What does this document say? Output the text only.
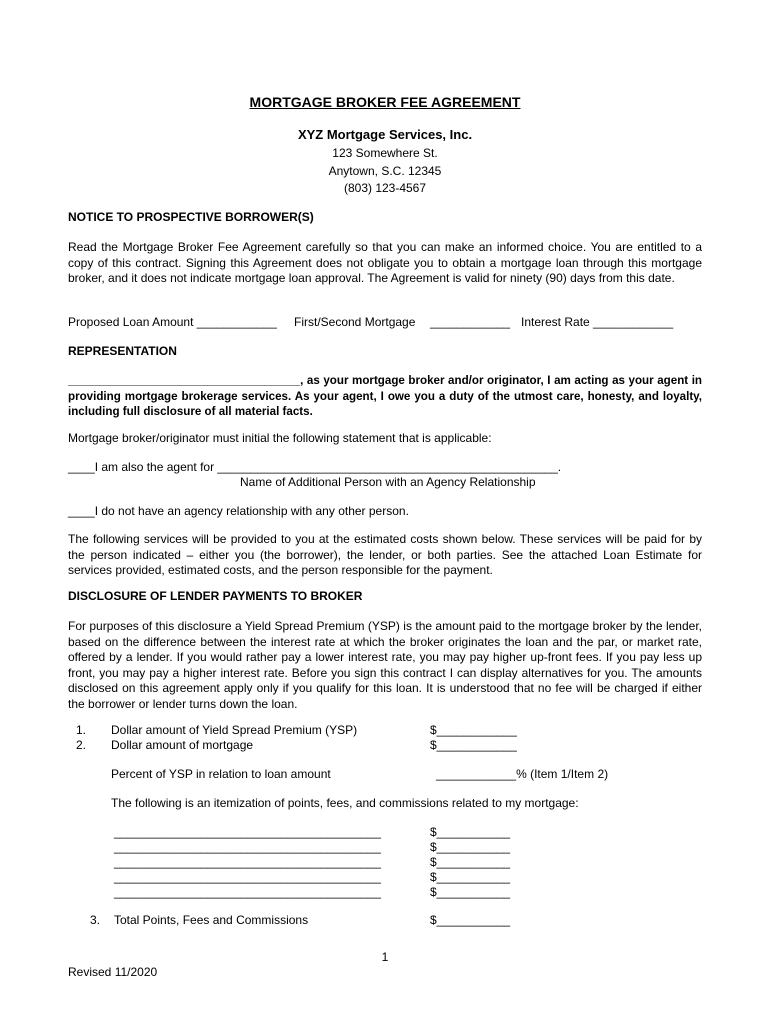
MORTGAGE BROKER FEE AGREEMENT
XYZ Mortgage Services, Inc.
123 Somewhere St.
Anytown, S.C. 12345
(803) 123-4567
NOTICE TO PROSPECTIVE BORROWER(S)
Read the Mortgage Broker Fee Agreement carefully so that you can make an informed choice. You are entitled to a copy of this contract. Signing this Agreement does not obligate you to obtain a mortgage loan through this mortgage broker, and it does not indicate mortgage loan approval. The Agreement is valid for ninety (90) days from this date.
Proposed Loan Amount ____________ First/Second Mortgage ____________ Interest Rate ____________
REPRESENTATION
____________________________________, as your mortgage broker and/or originator, I am acting as your agent in providing mortgage brokerage services. As your agent, I owe you a duty of the utmost care, honesty, and loyalty, including full disclosure of all material facts.
Mortgage broker/originator must initial the following statement that is applicable:
____I am also the agent for ___________________________________________________.
Name of Additional Person with an Agency Relationship
____I do not have an agency relationship with any other person.
The following services will be provided to you at the estimated costs shown below. These services will be paid for by the person indicated – either you (the borrower), the lender, or both parties. See the attached Loan Estimate for services provided, estimated costs, and the person responsible for the payment.
DISCLOSURE OF LENDER PAYMENTS TO BROKER
For purposes of this disclosure a Yield Spread Premium (YSP) is the amount paid to the mortgage broker by the lender, based on the difference between the interest rate at which the broker originates the loan and the par, or market rate, offered by a lender. If you would rather pay a lower interest rate, you may pay higher up-front fees. If you pay less up front, you may pay a higher interest rate. Before you sign this contract I can display alternatives for you. The amounts disclosed on this agreement apply only if you qualify for this loan. It is understood that no fee will be charged if either the borrower or lender turns down the loan.
1. Dollar amount of Yield Spread Premium (YSP)	$____________
2. Dollar amount of mortgage	$____________
Percent of YSP in relation to loan amount	____________% (Item 1/Item 2)
The following is an itemization of points, fees, and commissions related to my mortgage:
________________________________________	$___________
________________________________________	$___________
________________________________________	$___________
________________________________________	$___________
________________________________________	$___________
3. Total Points, Fees and Commissions	$___________
1
Revised 11/2020
